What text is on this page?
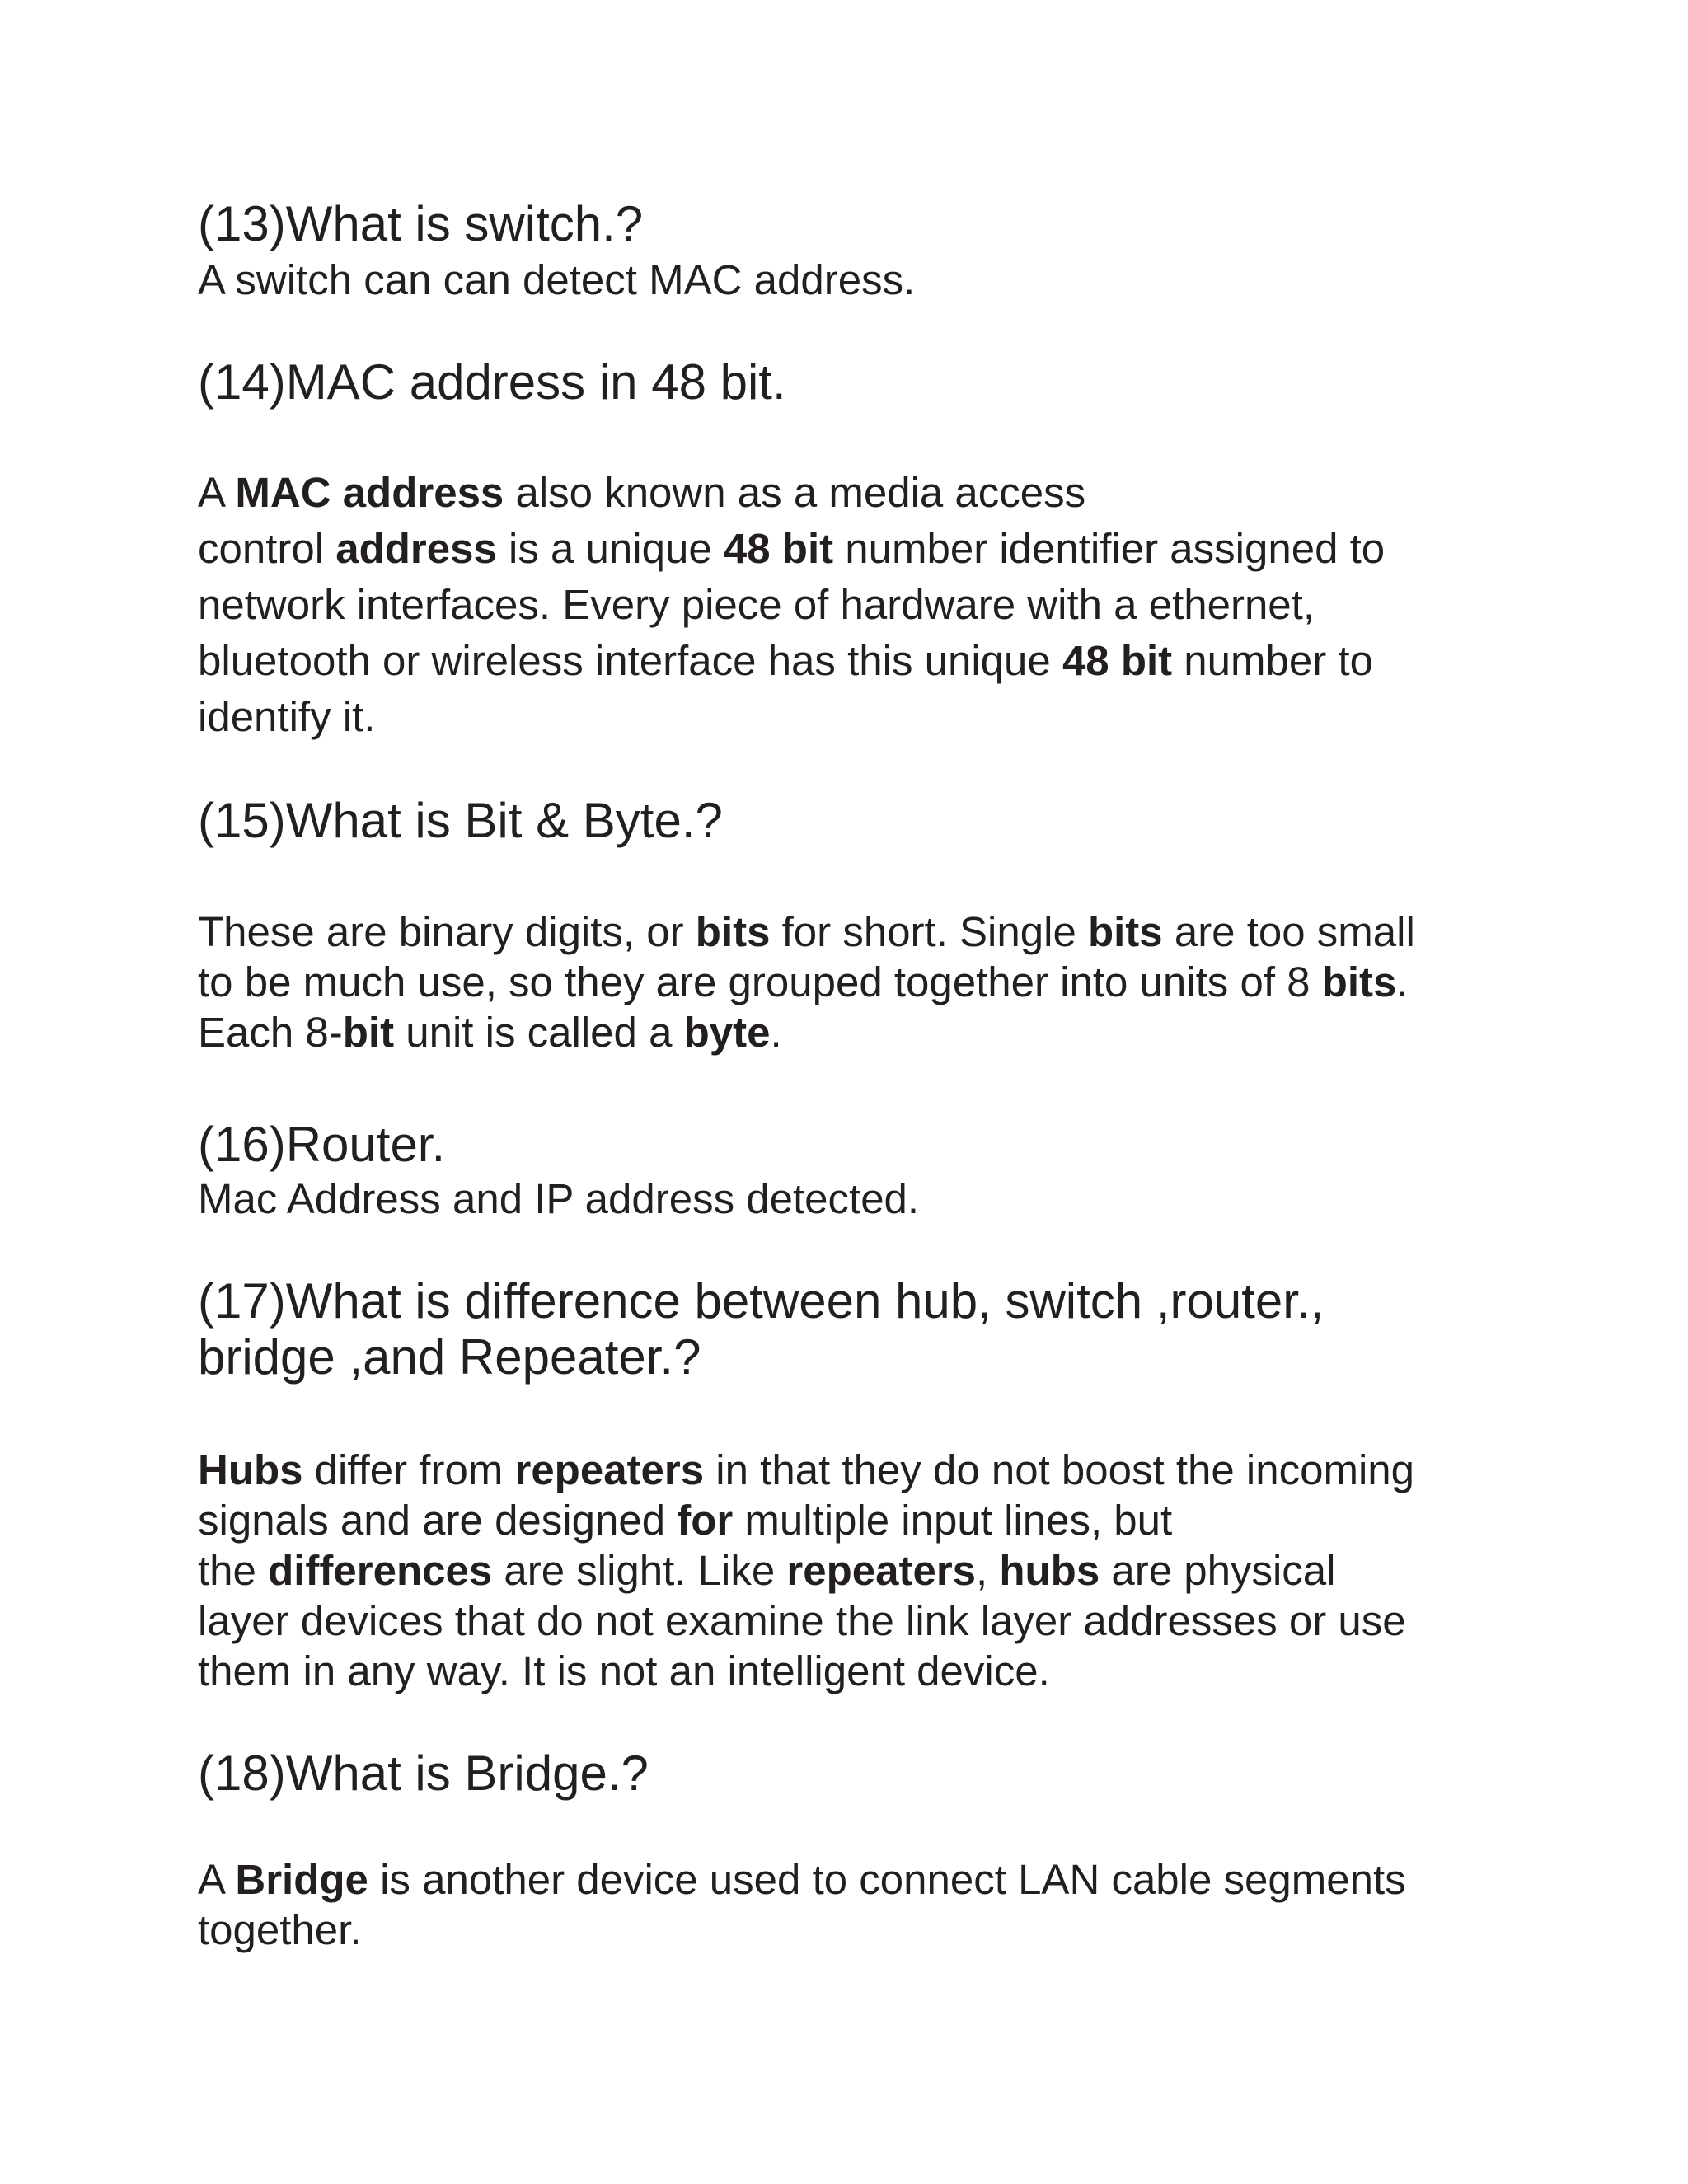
(13)What is switch.?

A switch can can detect MAC address.

(14)MAC address in 48 bit.
A MAC address also known as a media access
control address is a unique 48 bit number identifier assigned to
network interfaces. Every piece of hardware with a ethernet,
bluetooth or wireless interface has this unique 48 bit number to
identify it.
(15)What is Bit & Byte.?
These are binary digits, or bits for short. Single bits are too small
to be much use, so they are grouped together into units of 8 bits.
Each 8-bit unit is called a byte.
(16)Router.

Mac Address and IP address detected.

(17)What is difference between hub, switch ,router.,
bridge ,and Repeater.?
Hubs differ from repeaters in that they do not boost the incoming
signals and are designed for multiple input lines, but
the differences are slight. Like repeaters, hubs are physical
layer devices that do not examine the link layer addresses or use
them in any way. It is not an intelligent device.
(18)What is Bridge.?
A Bridge is another device used to connect LAN cable segments
together.
